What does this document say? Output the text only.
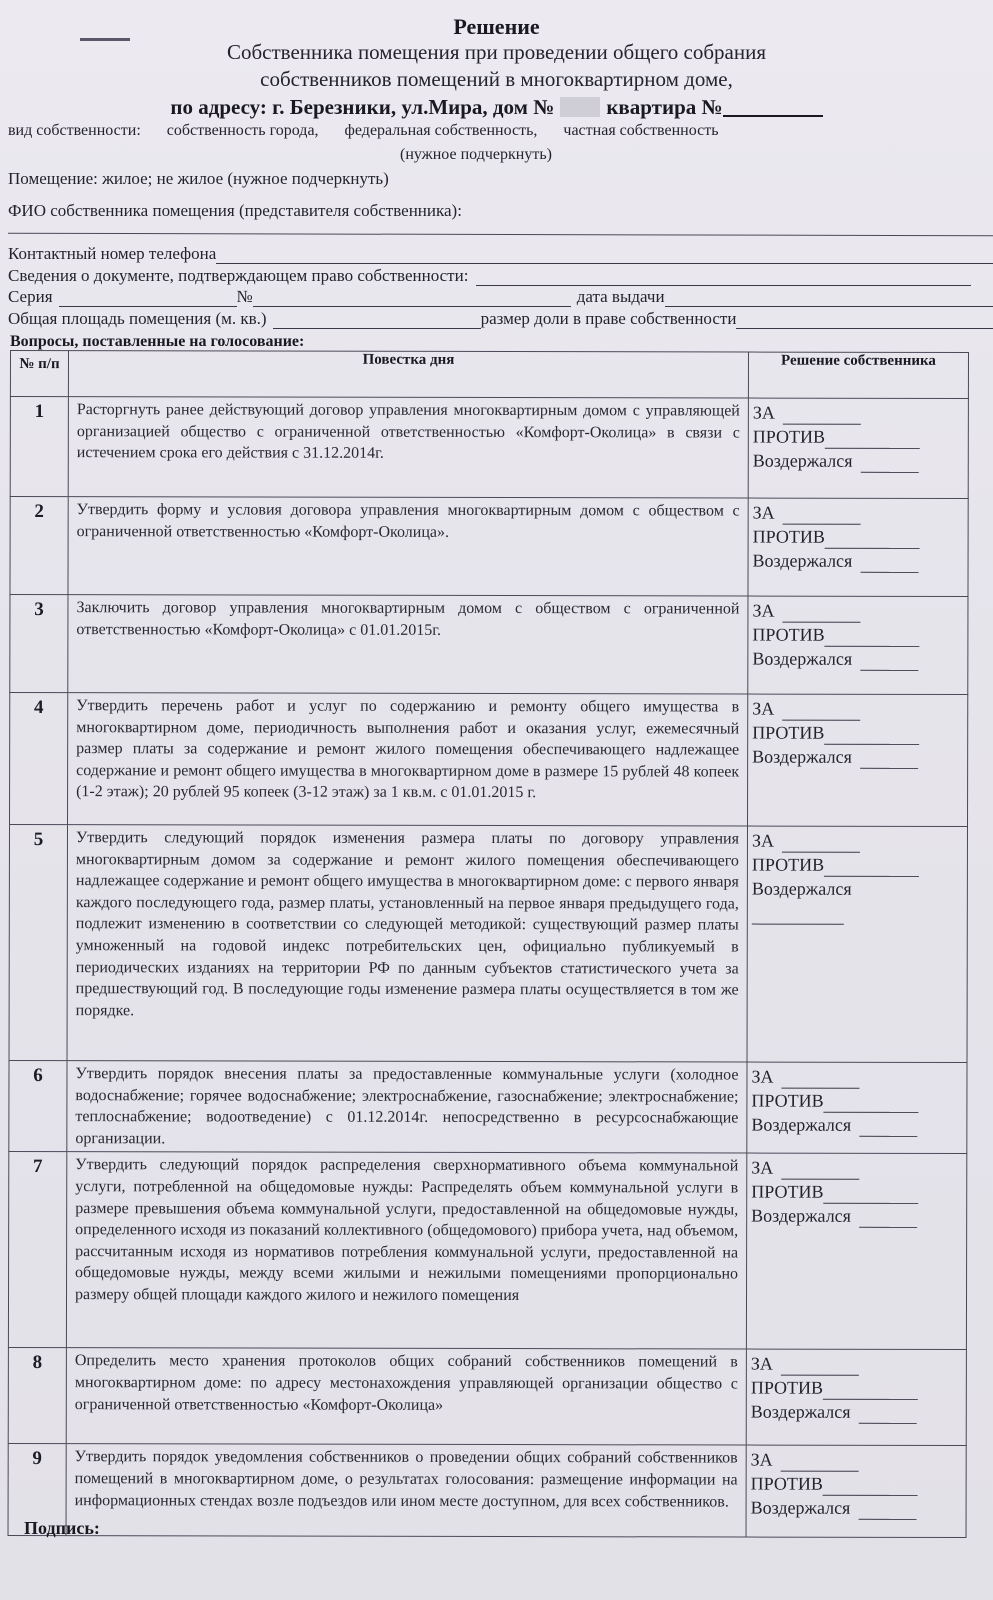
Решение
Собственника помещения при проведении общего собрания
собственников помещений в многоквартирном доме,
по адресу: г. Березники, ул.Мира, дом № квартира №
вид собственности: собственность города, федеральная собственность, частная собственность
(нужное подчеркнуть)
Помещение: жилое; не жилое (нужное подчеркнуть)
ФИО собственника помещения (представителя собственника):
Контактный номер телефона
Сведения о документе, подтверждающем право собственности:
Серия	№	дата выдачи
Общая площадь помещения (м. кв.)	размер доли в праве собственности
Вопросы, поставленные на голосование:
№ п/п	Повестка дня	Решение собственника
1	Расторгнуть ранее действующий договор управления многоквартирным домом с управляющей организацией общество с ограниченной ответственностью «Комфорт-Околица» в связи с истечением срока его действия с 31.12.2014г.	
ЗА
ПРОТИВ
Воздержался

2	Утвердить форму и условия договора управления многоквартирным домом с обществом с ограниченной ответственностью «Комфорт-Околица».	ЗА
ПРОТИВ
Воздержался

3	Заключить договор управления многоквартирным домом с обществом с ограниченной ответственностью «Комфорт-Околица» с 01.01.2015г.	ЗА
ПРОТИВ
Воздержался

4	Утвердить перечень работ и услуг по содержанию и ремонту общего имущества в многоквартирном доме, периодичность выполнения работ и оказания услуг, ежемесячный размер платы за содержание и ремонт жилого помещения обеспечивающего надлежащее содержание и ремонт общего имущества в многоквартирном доме в размере 15 рублей 48 копеек (1-2 этаж); 20 рублей 95 копеек (3-12 этаж) за 1 кв.м. с 01.01.2015 г.	
ЗА
ПРОТИВ
Воздержался

5	Утвердить следующий порядок изменения размера платы по договору управления многоквартирным домом за содержание и ремонт жилого помещения обеспечивающего надлежащее содержание и ремонт общего имущества в многоквартирном доме: с первого января каждого последующего года, размер платы, установленный на первое января предыдущего года, подлежит изменению в соответствии со следующей методикой: существующий размер платы умноженный на годовой индекс потребительских цен, официально публикуемый в периодических изданиях на территории РФ по данным субъектов статистического учета за предшествующий год. В последующие годы изменение размера платы осуществляется в том же порядке.	
ЗА
ПРОТИВ
Воздержался

6	Утвердить порядок внесения платы за предоставленные коммунальные услуги (холодное водоснабжение; горячее водоснабжение; электроснабжение, газоснабжение; электроснабжение; теплоснабжение; водоотведение) с 01.12.2014г. непосредственно в ресурсоснабжающие организации.	
ЗА
ПРОТИВ
Воздержался

7	Утвердить следующий порядок распределения сверхнормативного объема коммунальной услуги, потребленной на общедомовые нужды: Распределять объем коммунальной услуги в размере превышения объема коммунальной услуги, предоставленной на общедомовые нужды, определенного исходя из показаний коллективного (общедомового) прибора учета, над объемом, рассчитанным исходя из нормативов потребления коммунальной услуги, предоставленной на общедомовые нужды, между всеми жилыми и нежилыми помещениями пропорционально размеру общей площади каждого жилого и нежилого помещения	
ЗА
ПРОТИВ
Воздержался

8	Определить место хранения протоколов общих собраний собственников помещений в многоквартирном доме: по адресу местонахождения управляющей организации общество с ограниченной ответственностью «Комфорт-Околица»	
ЗА
ПРОТИВ
Воздержался

9	Утвердить порядок уведомления собственников о проведении общих собраний собственников помещений в многоквартирном доме, о результатах голосования: размещение информации на информационных стендах возле подъездов или ином месте доступном, для всех собственников.	
ЗА
ПРОТИВ
Воздержался
Подпись:
